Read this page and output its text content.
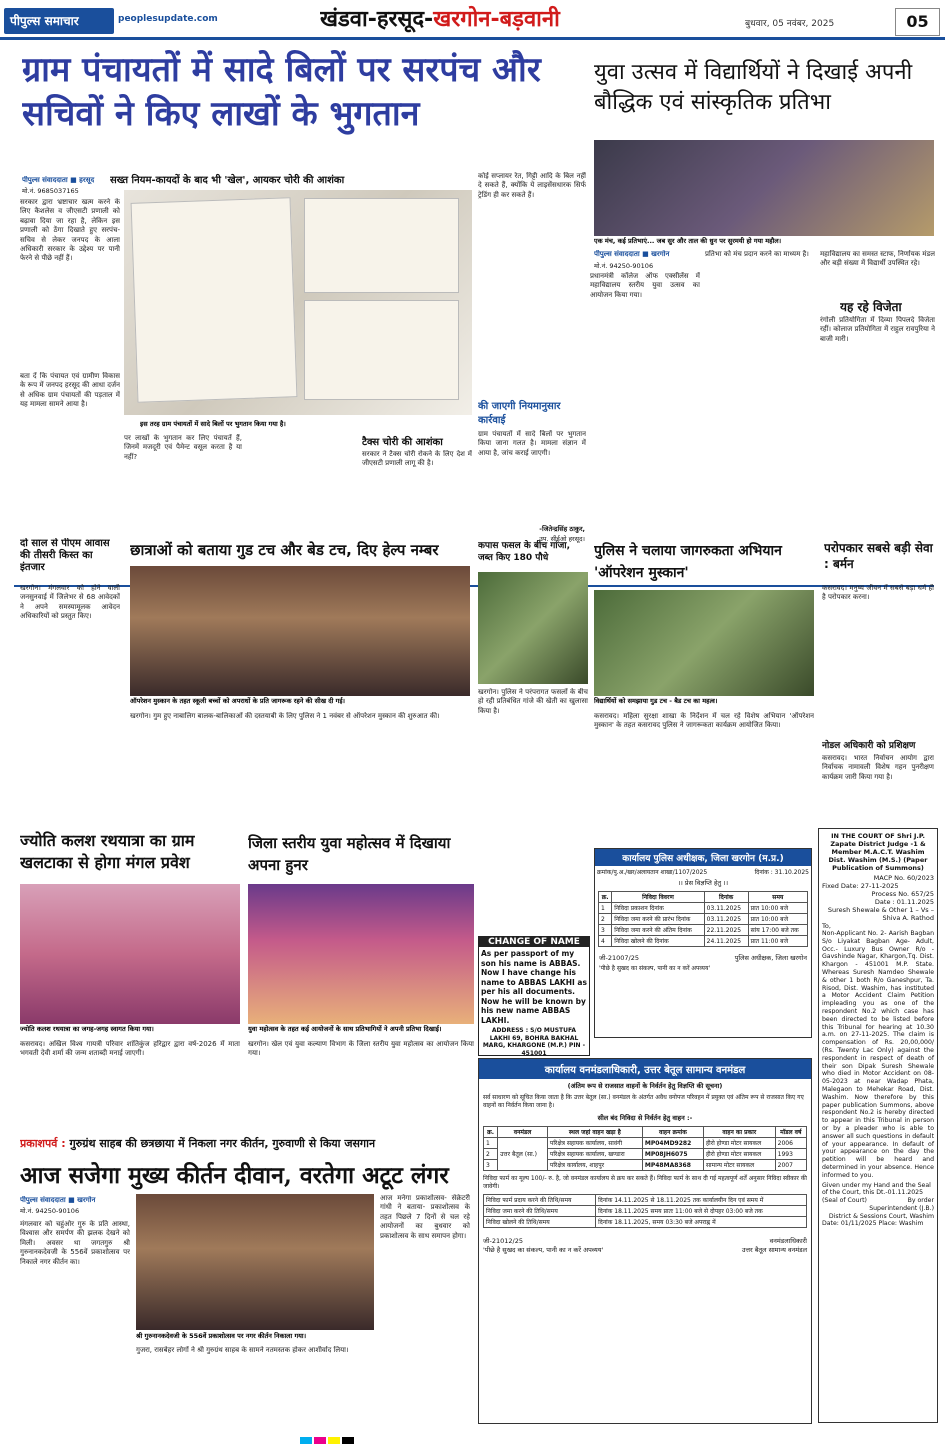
पीपुल्स समाचार	peoplesupdate.com	खंडवा-हरसूद-खरगोन-बड़वानी	बुधवार, 05 नवंबर, 2025	05
ग्राम पंचायतों में सादे बिलों पर सरपंच और सचिवों ने किए लाखों के भुगतान
सख्त नियम-कायदों के बाद भी 'खेल', आयकर चोरी की आशंका
पीपुल्स संवाददाता ■ हरसूद
मो.नं. 9685037165
सरकार द्वारा भ्रष्टाचार खत्म करने के लिए कैशलेस व जीएसटी प्रणाली को बढ़ावा दिया जा रहा है, लेकिन इस प्रणाली को ठेंगा दिखाते हुए सरपंच-सचिव से लेकर जनपद के आला अधिकारी सरकार के उद्देश्य पर पानी फेरने से पीछे नहीं हैं।
बता दें कि पंचायत एवं ग्रामीण विकास के रूप में जनपद हरसूद की आधा दर्जन से अधिक ग्राम पंचायतों की पड़ताल में यह मामला सामने आया है।
इस तरह ग्राम पंचायतों में सादे बिलों पर भुगतान किया गया है।
पर लाखों के भुगतान कर लिए पंचायतें हैं, जिनमें मजदूरी एवं पैमेन्ट वसूल करता है या नहीं?
टैक्स चोरी की आशंका
सरकार ने टैक्स चोरी रोकने के लिए देश में जीएसटी प्रणाली लागू की है।
कोई सप्लायर रेत, गिट्टी आदि के बिल नहीं दे सकते हैं, क्योंकि ये लाइसेंसधारक सिर्फ ट्रेडिंग ही कर सकते हैं।
की जाएगी नियमानुसार कार्रवाई
ग्राम पंचायतों में सादे बिलों पर भुगतान किया जाना गलत है। मामला संज्ञान में आया है, जांच कराई जाएगी।
-जितेन्द्रसिंह ठाकुर,
उप. सीईओ हरसूद।
युवा उत्सव में विद्यार्थियों ने दिखाई अपनी बौद्धिक एवं सांस्कृतिक प्रतिभा
एक मंच, कई प्रतिभाएं... जब सुर और ताल की धुन पर सुरमयी हो गया महौल।
पीपुल्स संवाददाता ■ खरगोन
मो.नं. 94250-90106
प्रधानमंत्री कॉलेज ऑफ एक्सीलेंस में महाविद्यालय स्तरीय युवा उत्सव का आयोजन किया गया।
प्रतिभा को मंच प्रदान करने का माध्यम है।	महाविद्यालय का समस्त स्टाफ, निर्णायक मंडल और बड़ी संख्या में विद्यार्थी उपस्थित रहे।
यह रहे विजेता
रंगोली प्रतियोगिता में दिव्या पिपलदे विजेता रहीं। कोलाज प्रतियोगिता में राहुल रावपुरिया ने बाजी मारी।
दो साल से पीएम आवास की तीसरी किस्त का इंतजार
खरगोन। मंगलवार को होने वाली जनसुनवाई में जिलेभर से 68 आवेदकों ने अपने समस्यामूलक आवेदन अधिकारियों को प्रस्तुत किए।
छात्राओं को बताया गुड टच और बेड टच, दिए हेल्प नम्बर
ऑपरेशन मुस्कान के तहत स्कूली बच्चों को अपराधों के प्रति जागरूक रहने की सीख दी गई।
खरगोन। गुम हुए नाबालिग बालक-बालिकाओं की दस्तयाबी के लिए पुलिस ने 1 नवंबर से ऑपरेशन मुस्कान की शुरुआत की।
कपास फसल के बीच गांजा, जब्त किए 180 पौधे
खरगोन। पुलिस ने परंपरागत फसलों के बीच हो रही प्रतिबंधित गांजे की खेती का खुलासा किया है।
पुलिस ने चलाया जागरुकता अभियान 'ऑपरेशन मुस्कान'
विद्यार्थियों को समझाया गुड टच - बैड टच का महत्व।
कसरावद। महिला सुरक्षा शाखा के निर्देशन में चल रहे विशेष अभियान 'ऑपरेशन मुस्कान' के तहत कसरावद पुलिस ने जागरूकता कार्यक्रम आयोजित किया।
परोपकार सबसे बड़ी सेवा : बर्मन
कसरावद। मनुष्य जीवन में सबसे बड़ा धर्म ही है परोपकार करना।
नोडल अधिकारी को प्रशिक्षण
कसरावद। भारत निर्वाचन आयोग द्वारा निर्वाचक नामावली विशेष गहन पुनरीक्षण कार्यक्रम जारी किया गया है।
IN THE COURT OF Shri J.P. Zapate District Judge -1 & Member M.A.C.T. Washim Dist. Washim (M.S.) (Paper Publication of Summons)
MACP No. 60/2023
Fixed Date: 27-11-2025
Process No. 657/25
Date : 01.11.2025
Suresh Shewale & Other 1 – Vs – Shiva A. Rathod
To,
Non-Applicant No. 2- Aarish Bagban S/o Liyakat Bagban Age- Adult, Occ.- Luxury Bus Owner R/o - Gavshinde Nagar, Khargon,Tq. Dist. Khargon - 451001 M.P. State. Whereas Suresh Namdeo Shewale & other 1 both R/o Ganeshpur, Ta. Risod, Dist. Washim, has instituted a Motor Accident Claim Petition impleading you as one of the respondent No.2 which case has been directed to be listed before this Tribunal for hearing at 10.30 a.m. on 27-11-2025. The claim is compensation of Rs. 20,00,000/ (Rs. Twenty Lac Only) against the respondent in respect of death of their son Dipak Suresh Shewale who died in Motor Accident on 08-05-2023 at near Wadap Phata, Malegaon to Mehekar Road, Dist. Washim. Now therefore by this paper publication Summons, above respondent No.2 is hereby directed to appear in this Tribunal in person or by a pleader who is able to answer all such questions in default of your appearance. In default of your appearance on the day the petition will be heard and determined in your absence. Hence informed to you.
Given under my Hand and the Seal of the Court, this Dt.-01.11.2025
(Seal of Court)	By order
Superintendent (J.B.)
District & Sessions Court, Washim
Date: 01/11/2025 Place: Washim
ज्योति कलश रथयात्रा का ग्राम खलटाका से होगा मंगल प्रवेश
ज्योति कलश रथयात्रा का जगह-जगह स्वागत किया गया।
कसरावद। अखिल विश्व गायत्री परिवार शांतिकुंज हरिद्वार द्वारा वर्ष-2026 में माता भगवती देवी शर्मा की जन्म शताब्दी मनाई जाएगी।
जिला स्तरीय युवा महोत्सव में दिखाया अपना हुनर
युवा महोत्सव के तहत कई आयोजनों के साथ प्रतिभागियों ने अपनी प्रतिभा दिखाई।
खरगोन। खेल एवं युवा कल्याण विभाग के जिला स्तरीय युवा महोत्सव का आयोजन किया गया।
CHANGE OF NAME
As per passport of my son his name is ABBAS. Now I have change his name to ABBAS LAKHI as per his all documents. Now he will be known by his new name ABBAS LAKHI.
ADDRESS : S/O MUSTUFA LAKHI 69, BOHRA BAKHAL MARG, KHARGONE (M.P.) PIN - 451001
कार्यालय पुलिस अधीक्षक, जिला खरगोन (म.प्र.)
क्रमांक/पु.अ./खर/अलायतान शाखा/1107/2025	दिनांक : 31.10.2025
।। प्रेस विज्ञप्ति हेतु ।।
क्र.	निविदा विवरण	दिनांक	समय
1	निविदा प्रकाशन दिनांक	03.11.2025	प्रात 10:00 बजे
2	निविदा जमा करने की प्रारंभ दिनांक	03.11.2025	प्रात 10:00 बजे
3	निविदा जमा करने की अंतिम दिनांक	22.11.2025	सांय 17:00 बजे तक
4	निविदा खोलने की दिनांक	24.11.2025	प्रात 11:00 बजे
जी-21007/25	पुलिस अधीक्षक, जिला खरगोन
'पीछे है सुखद का संकल्प, पानी का न करें अपव्यय'
प्रकाशपर्व : गुरुग्रंथ साहब की छत्रछाया में निकला नगर कीर्तन, गुरुवाणी से किया जसगान
आज सजेगा मुख्य कीर्तन दीवान, वरतेगा अटूट लंगर
पीपुल्स संवाददाता ■ खरगोन
मो.नं. 94250-90106
मंगलवार को चहुंओर गुरु के प्रति आस्था, विश्वास और समर्पण की झलक देखने को मिली। अवसर था जगतगुरु श्री गुरुनानकदेवजी के 556वें प्रकाशोत्सव पर निकाले नगर कीर्तन का।
श्री गुरुनानकदेवजी के 556वें प्रकाशोत्सव पर नगर कीर्तन निकाला गया।
गुजरा, रासबेहर लोगों ने श्री गुरुग्रंथ साहब के सामने नतमस्तक होकर आशीर्वाद लिया।
आज मनेगा प्रकाशोत्सव- सेक्रेटरी गांधी ने बताया- प्रकाशोत्सव के तहत पिछले 7 दिनों से चल रहे आयोजनों का बुधवार को प्रकाशोत्सव के साथ समापन होगा।
कार्यालय वनमंडलाधिकारी, उत्तर बेतूल सामान्य वनमंडल
(अंतिम रूप से राजसात वाहनों के निर्वर्तन हेतु विज्ञप्ति की सूचना)
सर्व साधारण को सूचित किया जाता है कि उत्तर बेतूल (सा.) वनमंडल के अंतर्गत अवैध वनोपज परिवहन में प्रयुक्त एवं अंतिम रूप से राजसात किए गए वाहनों का निर्वर्तन किया जाना है।
सील बंद निविदा से निर्वर्तन हेतु वाहन :-
क्र.	वनमंडल	स्थल जहां वाहन खड़ा है	वाहन क्रमांक	वाहन का प्रकार	मॉडल वर्ष
1	उत्तर बैतूल (सा.)	परिक्षेत्र सहायक कार्यालय, सावंगी	MP04MD9282	हीरो होण्डा मोटर सायकल	2006
2		परिक्षेत्र सहायक कार्यालय, खण्डारा	MP08JH6075	हीरो होण्डा मोटर सायकल	1993
3		परिक्षेत्र कार्यालय, शाहपुर	MP48MA8368	सामान्य मोटर सायकल	2007
निविदा फार्म का मूल्य 100/- रु. है, जो वनमंडल कार्यालय से क्रय कर सकते हैं। निविदा फार्म के साथ दी गई महत्वपूर्ण शर्तें अनुसार निविदा स्वीकार की जावेगी।
निविदा फार्म प्रदाय करने की तिथि/समय	दिनांक 14.11.2025 से 18.11.2025 तक कार्यालयीन दिन एवं समय में
निविदा जमा करने की तिथि/समय	दिनांक 18.11.2025 समय प्रातः 11:00 बजे से दोपहर 03:00 बजे तक
निविदा खोलने की तिथि/समय	दिनांक 18.11.2025, समय 03:30 बजे अपराह्न में
जी-21012/25
'पीछे है सुखद का संकल्प, पानी का न करें अपव्यय'
वनमंडलाधिकारी
उत्तर बैतूल सामान्य वनमंडल
